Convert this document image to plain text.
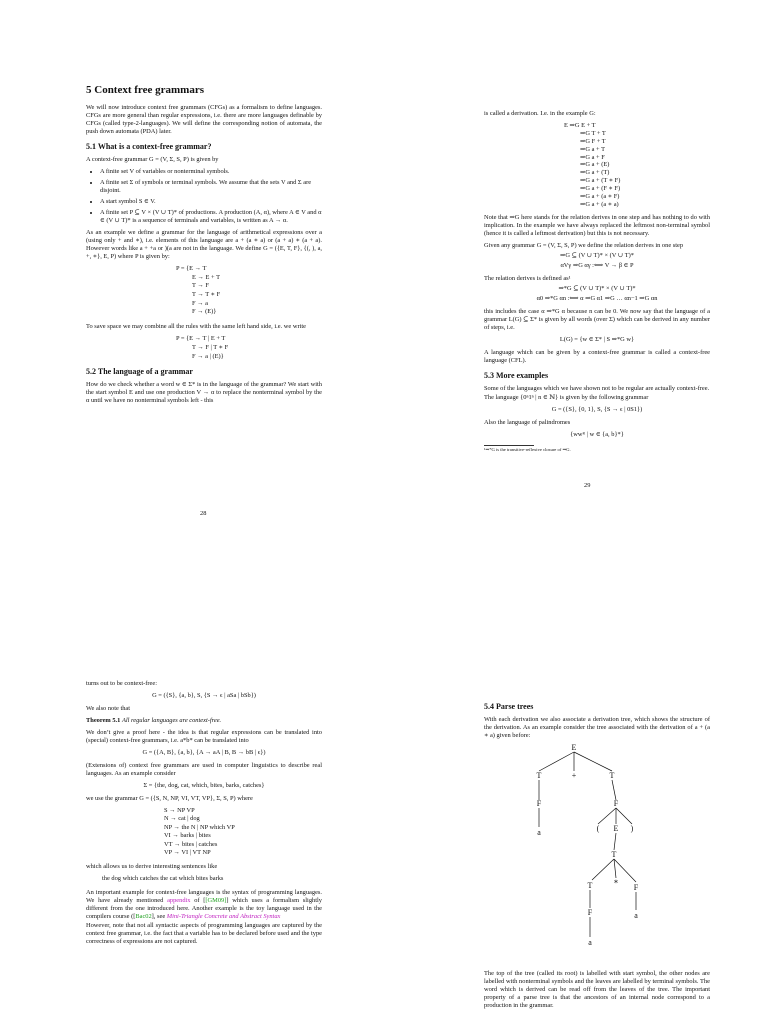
5 Context free grammars

We will now introduce context free grammars (CFGs) as a formalism to define languages. CFGs are more general than regular expressions, i.e. there are more languages definable by CFGs (called type-2-languages). We will define the corresponding notion of automata, the push down automata (PDA) later.

5.1 What is a context-free grammar?

A context-free grammar G = (V, Σ, S, P) is given by

• A finite set V of variables or nonterminal symbols.
• A finite set Σ of symbols or terminal symbols. We assume that the sets V and Σ are disjoint.
• A start symbol S ∈ V.
• A finite set P ⊆ V × (V ∪ T)* of productions. A production (A, α), where A ∈ V and α ∈ (V ∪ T)* is a sequence of terminals and variables, is written as A → α.

As an example we define a grammar for the language of arithmetical expressions over a (using only + and ∗), i.e. elements of this language are a + (a ∗ a) or (a + a) ∗ (a + a). However words like a + +a or )(a are not in the language. We define G = ({E, T, F}, {(, ), a, +, ∗}, E, P) where P is given by:

P = {E → T
E → E + T
T → F
T → T ∗ F
F → a
F → (E)}

To save space we may combine all the rules with the same left hand side, i.e. we write

P = {E → T | E + T
T → F | T ∗ F
F → a | (E)}
5.2 The language of a grammar

How do we check whether a word w ∈ Σ* is in the language of the grammar? We start with the start symbol E and use one production V → α to replace the nonterminal symbol by the α until we have no nonterminal symbols left - this

28

is called a derivation. I.e. in the example G:

E ⇒G E + T
⇒G T + T
⇒G F + T
⇒G a + T
⇒G a + F
⇒G a + (E)
⇒G a + (T)
⇒G a + (T ∗ F)
⇒G a + (F ∗ F)
⇒G a + (a ∗ F)
⇒G a + (a ∗ a)

Note that ⇒G here stands for the relation derives in one step and has nothing to do with implication. In the example we have always replaced the leftmost non-terminal symbol (hence it is called a leftmost derivation) but this is not necessary.

Given any grammar G = (V, Σ, S, P) we define the relation derives in one step

⇒G ⊆ (V ∪ T)* × (V ∪ T)*
αVγ ⇒G αγ :⟺ V → β ∈ P

The relation derives is defined as¹

⇒*G ⊆ (V ∪ T)* × (V ∪ T)*
α0 ⇒*G αn :⟺ α ⇒G α1 ⇒G … αn−1 ⇒G αn

this includes the case α ⇒*G α because n can be 0. We now say that the language of a grammar L(G) ⊆ Σ* is given by all words (over Σ) which can be derived in any number of steps, i.e.

L(G) = {w ∈ Σ* | S ⇒*G w}

A language which can be given by a context-free grammar is called a context-free language (CFL).

5.3 More examples

Some of the languages which we have shown not to be regular are actually context-free.

The language {0ⁿ1ⁿ | n ∈ ℕ} is given by the following grammar

G = ({S}, {0, 1}, S, {S → ϵ | 0S1})

Also the language of palindromes

{wwᴿ | w ∈ {a, b}*}
¹⇒*G is the transitive-reflexive closure of ⇒G.
29

turns out to be context-free:

G = ({S}, {a, b}, S, {S → ϵ | aSa | bSb})

We also note that

Theorem 5.1 All regular languages are context-free.

We don’t give a proof here - the idea is that regular expressions can be translated into (special) context-free grammars, i.e. a*b* can be translated into

G = ({A, B}, {a, b}, {A → aA | B, B → bB | ϵ})

(Extensions of) context free grammars are used in computer linguistics to describe real languages. As an example consider

Σ = {the, dog, cat, which, bites, barks, catches}

we use the grammar G = ({S, N, NP, VI, VT, VP}, Σ, S, P) where

S → NP VP
N → cat | dog
NP → the N | NP which VP
VI → barks | bites
VT → bites | catches
VP → VI | VT NP

which allows us to derive interesting sentences like

the dog which catches the cat which bites barks

An important example for context-free languages is the syntax of programming languages. We have already mentioned appendix of [[GM09]] which uses a formalism slightly different from the one introduced here. Another example is the toy language used in the compilers course ([Bac02], see Mini-Triangle Concrete and Abstract Syntax

However, note that not all syntactic aspects of programming languages are captured by the context free grammar, i.e. the fact that a variable has to be declared before used and the type correctness of expressions are not captured.

5.4 Parse trees

With each derivation we also associate a derivation tree, which shows the structure of the derivation. As an example consider the tree associated with the derivation of a + (a ∗ a) given before:

E
T	+	T
F	F
a	( E )
T
T	∗
F
F	a
a

The top of the tree (called its root) is labelled with start symbol, the other nodes are labelled with nonterminal symbols and the leaves are labelled by terminal symbols. The word which is derived can be read off from the leaves of the tree. The important property of a parse tree is that the ancestors of an internal node correspond to a production in the grammar.
